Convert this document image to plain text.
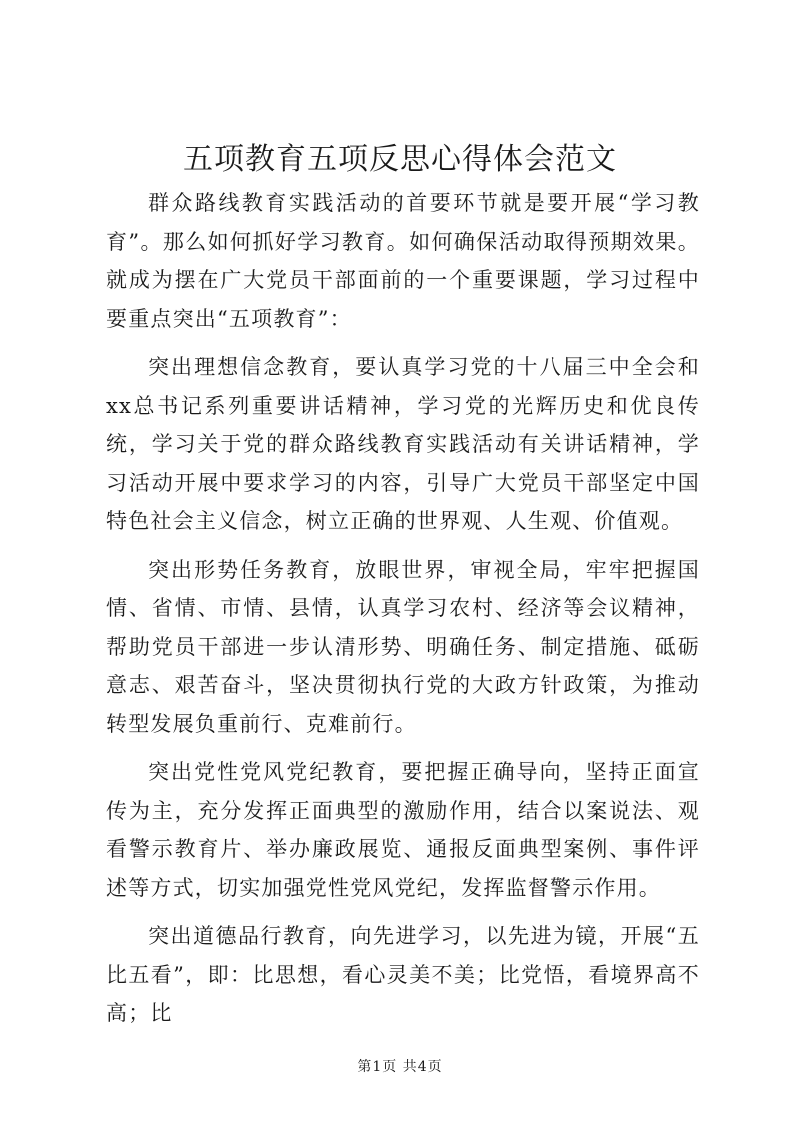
五项教育五项反思心得体会范文

群众路线教育实践活动的首要环节就是要开展“学习教育”。那么如何抓好学习教育。如何确保活动取得预期效果。就成为摆在广大党员干部面前的一个重要课题，学习过程中要重点突出“五项教育”：

突出理想信念教育，要认真学习党的十八届三中全会和xx总书记系列重要讲话精神，学习党的光辉历史和优良传统，学习关于党的群众路线教育实践活动有关讲话精神，学习活动开展中要求学习的内容，引导广大党员干部坚定中国特色社会主义信念，树立正确的世界观、人生观、价值观。

突出形势任务教育，放眼世界，审视全局，牢牢把握国情、省情、市情、县情，认真学习农村、经济等会议精神，帮助党员干部进一步认清形势、明确任务、制定措施、砥砺意志、艰苦奋斗，坚决贯彻执行党的大政方针政策，为推动转型发展负重前行、克难前行。

突出党性党风党纪教育，要把握正确导向，坚持正面宣传为主，充分发挥正面典型的激励作用，结合以案说法、观看警示教育片、举办廉政展览、通报反面典型案例、事件评述等方式，切实加强党性党风党纪，发挥监督警示作用。

突出道德品行教育，向先进学习，以先进为镜，开展“五比五看”，即：比思想，看心灵美不美；比党悟，看境界高不高；比

第1页 共4页
